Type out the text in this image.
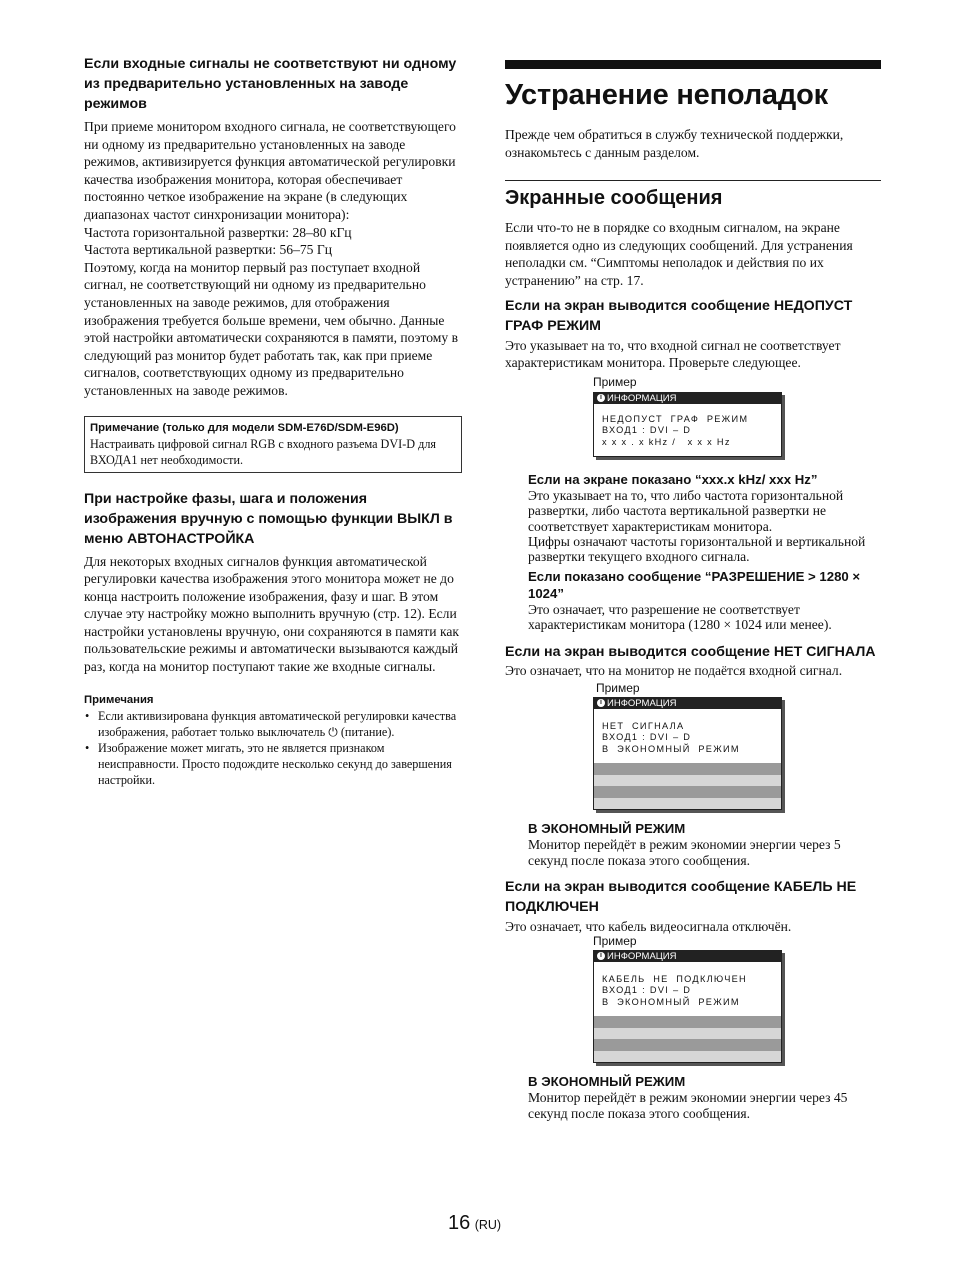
Если входные сигналы не соответствуют ни одному из предварительно установленных на заводе режимов

При приеме монитором входного сигнала, не соответствующего ни одному из предварительно установленных на заводе режимов, активизируется функция автоматической регулировки качества изображения монитора, которая обеспечивает постоянно четкое изображение на экране (в следующих диапазонах частот синхронизации монитора):
Частота горизонтальной развертки: 28–80 кГц
Частота вертикальной развертки: 56–75 Гц
Поэтому, когда на монитор первый раз поступает входной сигнал, не соответствующий ни одному из предварительно установленных на заводе режимов, для отображения изображения требуется больше времени, чем обычно. Данные этой настройки автоматически сохраняются в памяти, поэтому в следующий раз монитор будет работать так, как при приеме сигналов, соответствующих одному из предварительно установленных на заводе режимов.

Примечание (только для модели SDM-E76D/SDM-E96D)
Настраивать цифровой сигнал RGB с входного разъема DVI-D для ВХОДА1 нет необходимости.
При настройке фазы, шага и положения изображения вручную с помощью функции ВЫКЛ в меню АВТОНАСТРОЙКА

Для некоторых входных сигналов функция автоматической регулировки качества изображения этого монитора может не до конца настроить положение изображения, фазу и шаг. В этом случае эту настройку можно выполнить вручную (стр. 12). Если настройки установлены вручную, они сохраняются в памяти как пользовательские режимы и автоматически вызываются каждый раз, когда на монитор поступают такие же входные сигналы.

Примечания
• Если активизирована функция автоматической регулировки качества изображения, работает только выключатель ⏻ (питание).
• Изображение может мигать, это не является признаком неисправности. Просто подождите несколько секунд до завершения настройки.
Устранение неполадок

Прежде чем обратиться в службу технической поддержки, ознакомьтесь с данным разделом.

Экранные сообщения

Если что-то не в порядке со входным сигналом, на экране появляется одно из следующих сообщений. Для устранения неполадки см. “Симптомы неполадок и действия по их устранению” на стр. 17.

Если на экран выводится сообщение НЕДОПУСТ ГРАФ РЕЖИМ

Это указывает на то, что входной сигнал не соответствует характеристикам монитора. Проверьте следующее.

Пример
i ИНФОРМАЦИЯ
НЕДОПУСТ  ГРАФ  РЕЖИМ
ВХОД1 : DVI – D
x x x . x kHz /   x x x Hz
Если на экране показано “xxx.x kHz/ xxx Hz”

Это указывает на то, что либо частота горизонтальной развертки, либо частота вертикальной развертки не соответствует характеристикам монитора.
Цифры означают частоты горизонтальной и вертикальной развертки текущего входного сигнала.

Если показано сообщение “РАЗРЕШЕНИЕ > 1280 × 1024”

Это означает, что разрешение не соответствует характеристикам монитора (1280 × 1024 или менее).

Если на экран выводится сообщение НЕТ СИГНАЛА

Это означает, что на монитор не подаётся входной сигнал.

Пример
i ИНФОРМАЦИЯ
НЕТ  СИГНАЛА
ВХОД1 : DVI – D
В  ЭКОНОМНЫЙ  РЕЖИМ
В ЭКОНОМНЫЙ РЕЖИМ

Монитор перейдёт в режим экономии энергии через 5 секунд после показа этого сообщения.

Если на экран выводится сообщение КАБЕЛЬ НЕ ПОДКЛЮЧЕН

Это означает, что кабель видеосигнала отключён.

Пример
i ИНФОРМАЦИЯ
КАБЕЛЬ  НЕ  ПОДКЛЮЧЕН
ВХОД1 : DVI – D
В  ЭКОНОМНЫЙ  РЕЖИМ
В ЭКОНОМНЫЙ РЕЖИМ

Монитор перейдёт в режим экономии энергии через 45 секунд после показа этого сообщения.

16 (RU)
